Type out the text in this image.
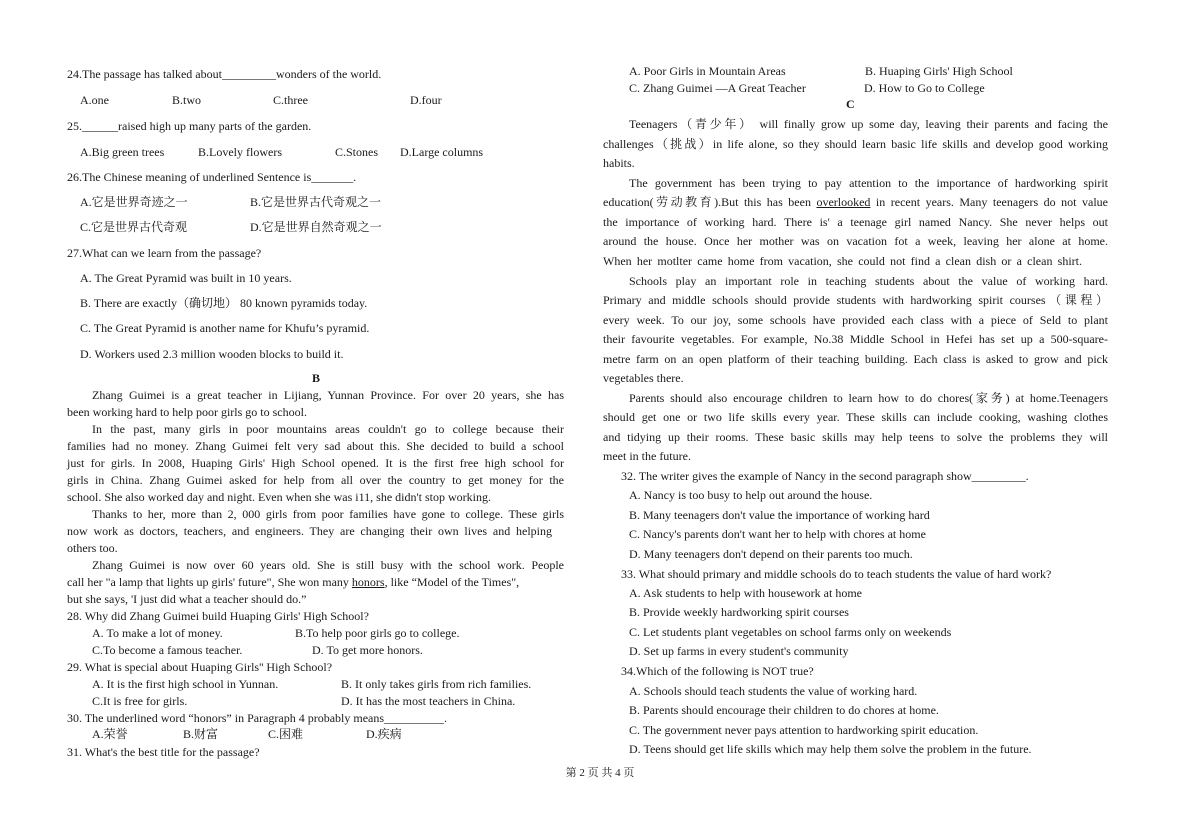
24.The passage has talked about_________wonders of the world.
A.one	B.two	C.three	D.four
25.______raised high up many parts of the garden.
A.Big green trees	B.Lovely flowers	C.Stones D.Large columns
26.The Chinese meaning of underlined Sentence is_______.
A.它是世界奇迹之一	B.它是世界古代奇观之一
C.它是世界古代奇观	D.它是世界自然奇观之一
27.What can we learn from the passage?
A. The Great Pyramid was built in 10 years.
B. There are exactly（确切地） 80 known pyramids today.
C. The Great Pyramid is another name for Khufu’s pyramid.
D. Workers used 2.3 million wooden blocks to build it.
B
Zhang Guimei is a great teacher in Lijiang, Yunnan Province. For over 20 years, she has
been working hard to help poor girls go to school.
In the past, many girls in poor mountains areas couldn't go to college because their
families had no money. Zhang Guimei felt very sad about this. She decided to build a school
just for girls. In 2008, Huaping Girls' High School opened. It is the first free high school for
girls in China. Zhang Guimei asked for help from all over the country to get money for the
school. She also worked day and night. Even when she was i11, she didn't stop working.
Thanks to her, more than 2, 000 girls from poor families have gone to college. These girls
now work as doctors, teachers, and engineers. They are changing their own lives and helping
others too.
Zhang Guimei is now over 60 years old. She is still busy with the school work. People
call her "a lamp that lights up girls' future", She won many honors, like “Model of the Times",
but she says, 'I just did what a teacher should do.”
28. Why did Zhang Guimei build Huaping Girls' High School?
A. To make a lot of money.	B.To help poor girls go to college.
C.To become a famous teacher.	D. To get more honors.
29. What is special about Huaping Girls'' High School?
A. It is the first high school in Yunnan.	B. It only takes girls from rich families.
C.It is free for girls.	D. It has the most teachers in China.
30. The underlined word “honors” in Paragraph 4 probably means__________.
A.荣誉	B.财富	C.困难	D.疾病
31. What's the best title for the passage?
A. Poor Girls in Mountain Areas	B. Huaping Girls' High School
C. Zhang Guimei —A Great Teacher	D. How to Go to College
C
Teenagers（青少年） will finally grow up some day, leaving their parents and facing the
challenges（挑战）in life alone, so they should learn basic life skills and develop good working
habits.
The government has been trying to pay attention to the importance of hardworking spirit
education(劳动教育).But this has been overlooked in recent years. Many teenagers do not value
the importance of working hard. There is' a teenage girl named Nancy. She never helps out
around the house. Once her mother was on vacation fot a week, leaving her alone at home.
When her motlter came home from vacation, she could not find a clean dish or a clean shirt.
Schools play an important role in teaching students about the value of working hard.
Primary and middle schools should provide students with hardworking spirit courses（课程）
every week. To our joy, some schools have provided each class with a piece of Seld to plant
their favourite vegetables. For example, No.38 Middle School in Hefei has set up a 500-square-
metre farm on an open platform of their teaching building. Each class is asked to grow and pick
vegetables there.
Parents should also encourage children to learn how to do chores(家务) at home.Teenagers
should get one or two life skills every year. These skills can include cooking, washing clothes
and tidying up their rooms. These basic skills may help teens to solve the problems they will
meet in the future.
32. The writer gives the example of Nancy in the second paragraph show_________.
A. Nancy is too busy to help out around the house.
B. Many teenagers don't value the importance of working hard
C. Nancy's parents don't want her to help with chores at home
D. Many teenagers don't depend on their parents too much.
33. What should primary and middle schools do to teach students the value of hard work?
A. Ask students to help with housework at home
B. Provide weekly hardworking spirit courses
C. Let students plant vegetables on school farms only on weekends
D. Set up farms in every student's community
34.Which of the following is NOT true?
A. Schools should teach students the value of working hard.
B. Parents should encourage their children to do chores at home.
C. The government never pays attention to hardworking spirit education.
D. Teens should get life skills which may help them solve the problem in the future.
第 2 页 共 4 页
